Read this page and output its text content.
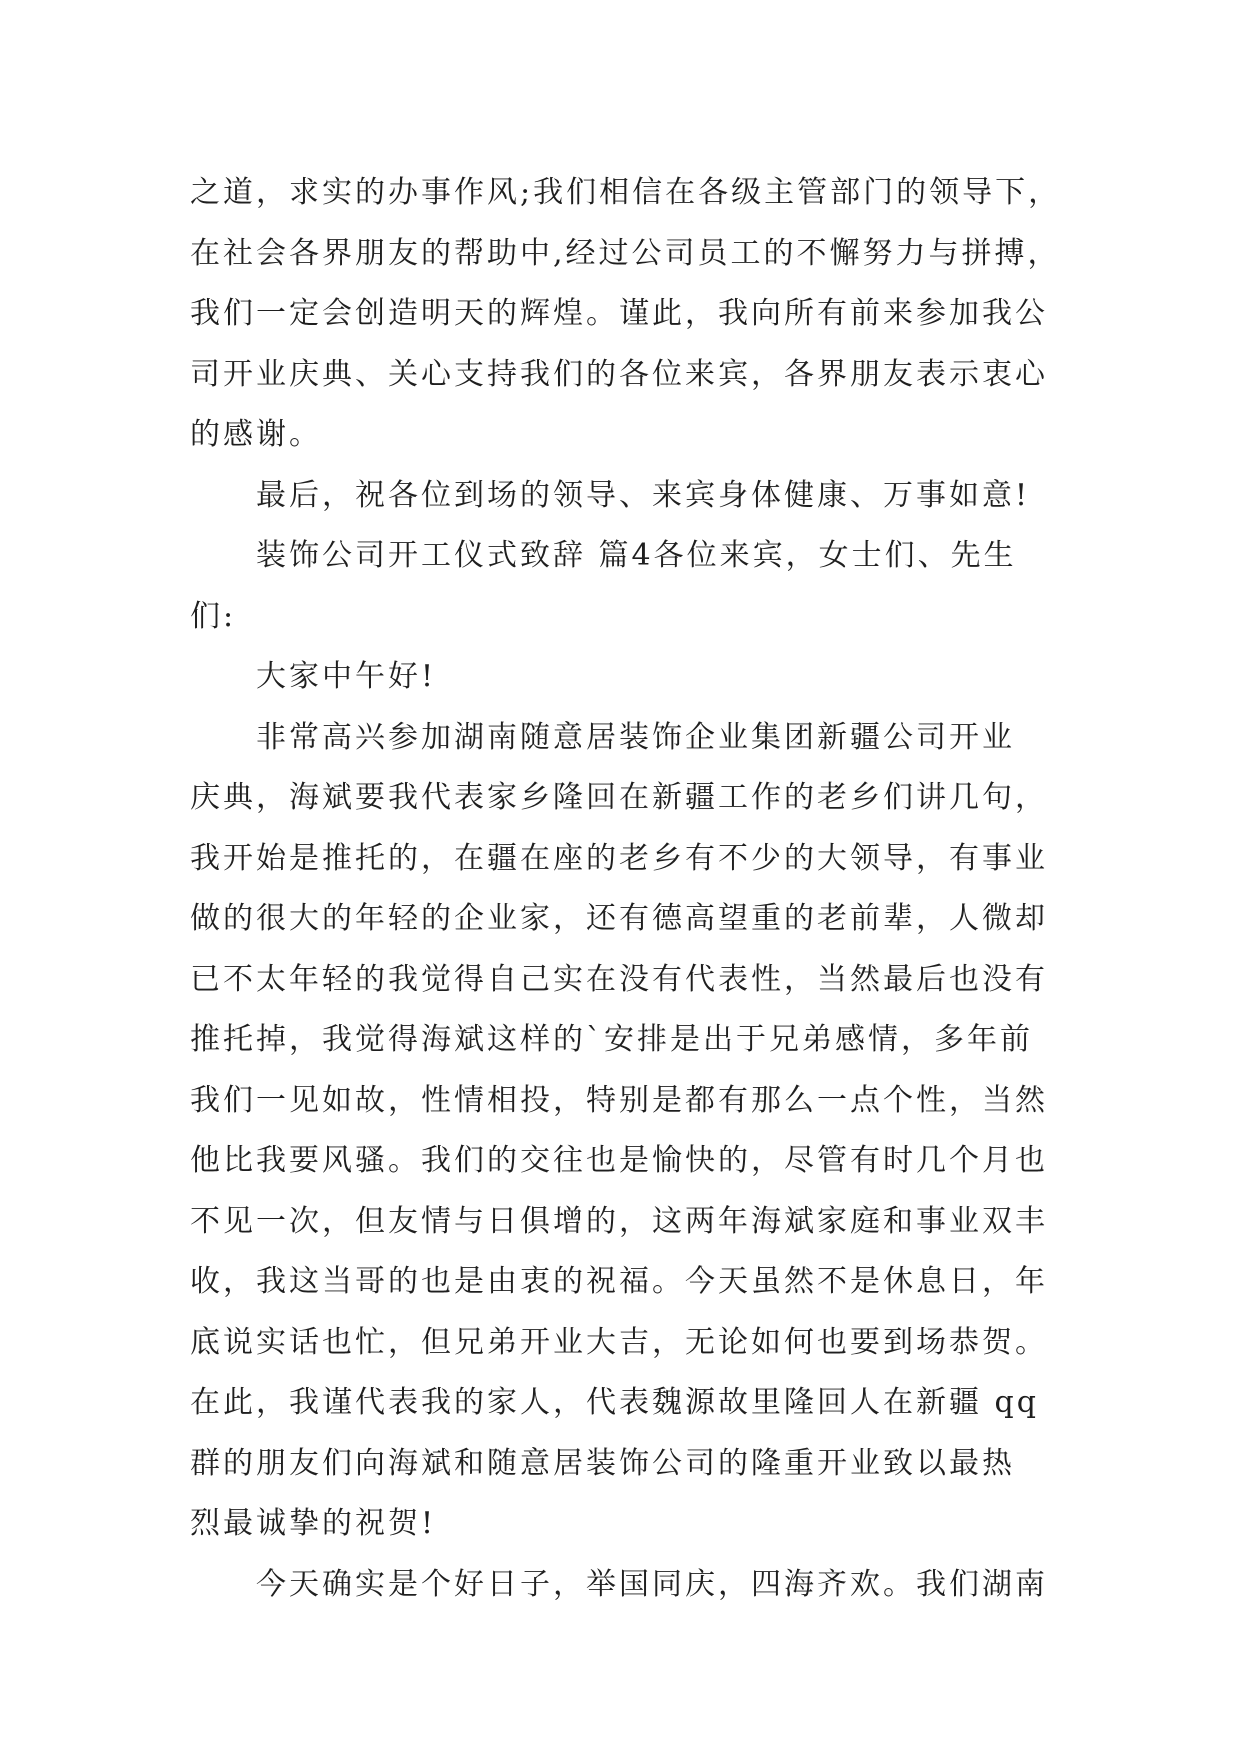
之道，求实的办事作风;我们相信在各级主管部门的领导下，
在社会各界朋友的帮助中,经过公司员工的不懈努力与拼搏，
我们一定会创造明天的辉煌。谨此，我向所有前来参加我公
司开业庆典、关心支持我们的各位来宾，各界朋友表示衷心
的感谢。
最后，祝各位到场的领导、来宾身体健康、万事如意!
装饰公司开工仪式致辞 篇4各位来宾，女士们、先生
们:
大家中午好!
非常高兴参加湖南随意居装饰企业集团新疆公司开业
庆典，海斌要我代表家乡隆回在新疆工作的老乡们讲几句，
我开始是推托的，在疆在座的老乡有不少的大领导，有事业
做的很大的年轻的企业家，还有德高望重的老前辈，人微却
已不太年轻的我觉得自己实在没有代表性，当然最后也没有
推托掉，我觉得海斌这样的`安排是出于兄弟感情，多年前
我们一见如故，性情相投，特别是都有那么一点个性，当然
他比我要风骚。我们的交往也是愉快的，尽管有时几个月也
不见一次，但友情与日俱增的，这两年海斌家庭和事业双丰
收，我这当哥的也是由衷的祝福。今天虽然不是休息日，年
底说实话也忙，但兄弟开业大吉，无论如何也要到场恭贺。
在此，我谨代表我的家人，代表魏源故里隆回人在新疆 qq
群的朋友们向海斌和随意居装饰公司的隆重开业致以最热
烈最诚挚的祝贺!
今天确实是个好日子，举国同庆，四海齐欢。我们湖南
